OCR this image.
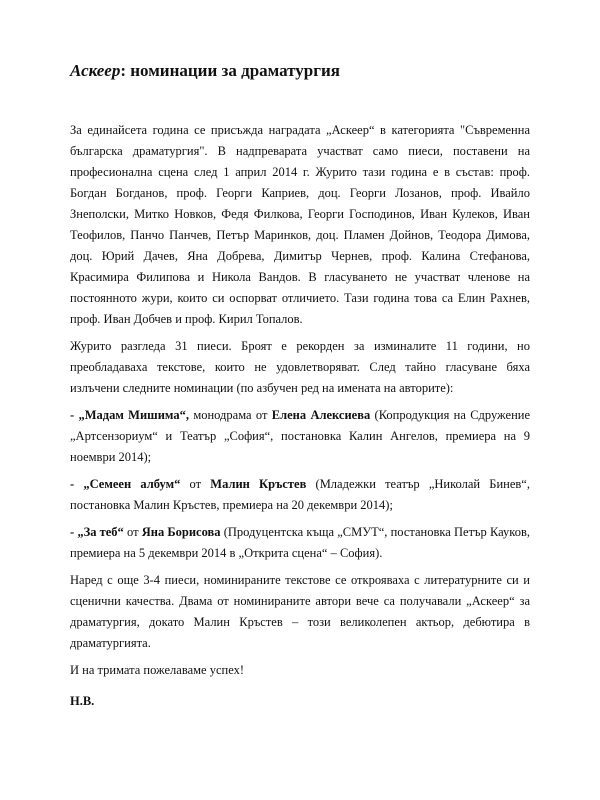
Аскеер: номинации за драматургия

За единайсета година се присъжда наградата „Аскеер“ в категорията "Съвременна българска драматургия". В надпреварата участват само пиеси, поставени на професионална сцена след 1 април 2014 г. Журито тази година е в състав: проф. Богдан Богданов, проф. Георги Каприев, доц. Георги Лозанов, проф. Ивайло Знеполски, Митко Новков, Федя Филкова, Георги Господинов, Иван Кулеков, Иван Теофилов, Панчо Панчев, Петър Маринков, доц. Пламен Дойнов, Теодора Димова, доц. Юрий Дачев, Яна Добрева, Димитър Чернев, проф. Калина Стефанова, Красимира Филипова и Никола Вандов. В гласуването не участват членове на постоянното жури, които си оспорват отличието. Тази година това са Елин Рахнев, проф. Иван Добчев и проф. Кирил Топалов.

Журито разгледа 31 пиеси. Броят е рекорден за изминалите 11 години, но преобладаваха текстове, които не удовлетворяват. След тайно гласуване бяха излъчени следните номинации (по азбучен ред на имената на авторите):

- „Мадам Мишима“, монодрама от Елена Алексиева (Копродукция на Сдружение „Артсензориум“ и Театър „София“, постановка Калин Ангелов, премиера на 9 ноември 2014);

- „Семеен албум“ от Малин Кръстев (Младежки театър „Николай Бинев“, постановка Малин Кръстев, премиера на 20 декември 2014);

- „За теб“ от Яна Борисова (Продуцентска къща „СМУТ“, постановка Петър Кауков, премиера на 5 декември 2014 в „Открита сцена“ – София).

Наред с още 3-4 пиеси, номинираните текстове се открояваха с литературните си и сценични качества. Двама от номинираните автори вече са получавали „Аскеер“ за драматургия, докато Малин Кръстев – този великолепен актьор, дебютира в драматургията.

И на тримата пожелаваме успех!

Н.В.
